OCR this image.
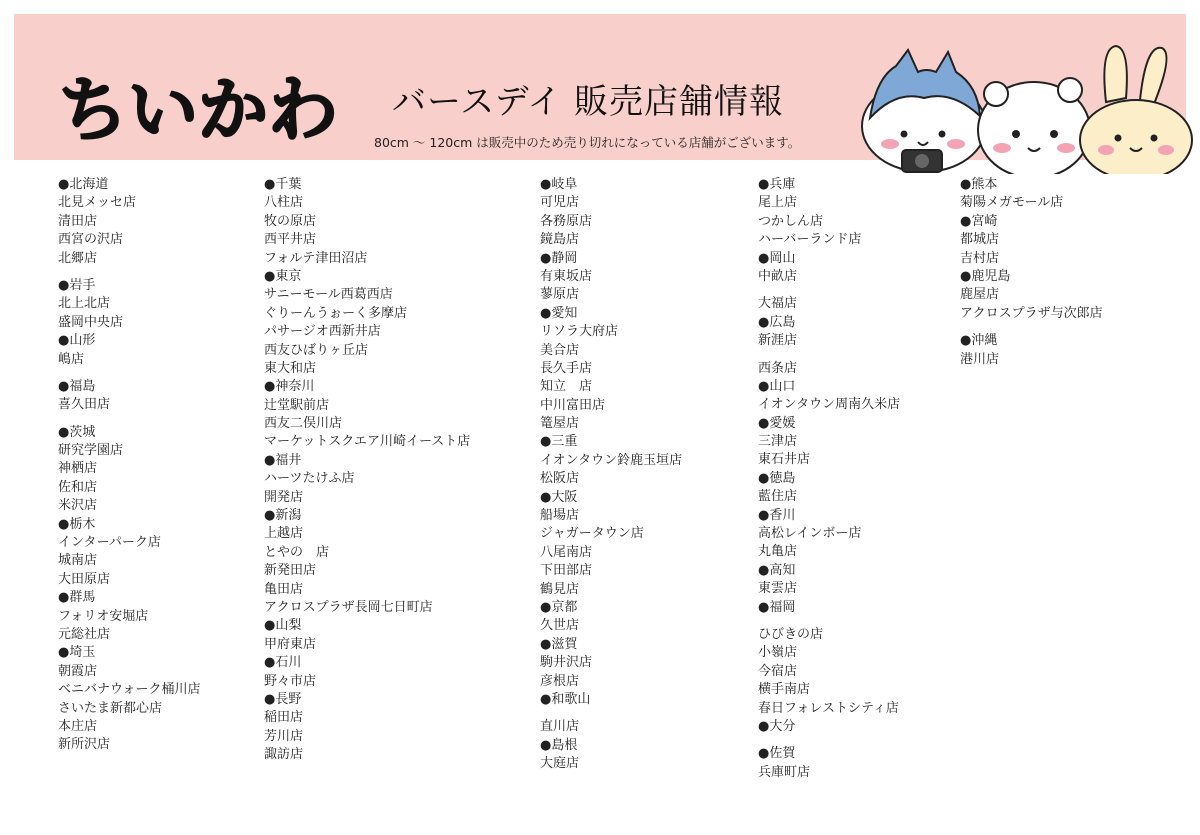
ちいかわ バースデイ 販売店舗情報
80cm ～ 120cm は販売中のため売り切れになっている店舗がございます。
●北海道
北見メッセ店
清田店
西宮の沢店
北郷店
●岩手
北上北店
盛岡中央店
●山形
嶋店
●福島
喜久田店
●茨城
研究学園店
神栖店
佐和店
米沢店
●栃木
インターパーク店
城南店
大田原店
●群馬
フォリオ安堀店
元総社店
●埼玉
朝霞店
ベニバナウォーク桶川店
さいたま新都心店
本庄店
新所沢店
●千葉
八柱店
牧の原店
西平井店
フォルテ津田沼店
●東京
サニーモール西葛西店
ぐりーんうぉーく多摩店
パサージオ西新井店
西友ひばりヶ丘店
東大和店
●神奈川
辻堂駅前店
西友二俣川店
マーケットスクエア川崎イースト店
●福井
ハーツたけふ店
開発店
●新潟
上越店
とやの　店
新発田店
亀田店
アクロスプラザ長岡七日町店
●山梨
甲府東店
●石川
野々市店
●長野
稲田店
芳川店
諏訪店
●岐阜
可児店
各務原店
鏡島店
●静岡
有東坂店
蓼原店
●愛知
リソラ大府店
美合店
長久手店
知立　店
中川富田店
篭屋店
●三重
イオンタウン鈴鹿玉垣店
松阪店
●大阪
船場店
ジャガータウン店
八尾南店
下田部店
鶴見店
●京都
久世店
●滋賀
駒井沢店
彦根店
●和歌山
直川店
●島根
大庭店
●兵庫
尾上店
つかしん店
ハーバーランド店
●岡山
中畝店
大福店
●広島
新涯店
西条店
●山口
イオンタウン周南久米店
●愛媛
三津店
東石井店
●徳島
藍住店
●香川
高松レインボー店
丸亀店
●高知
東雲店
●福岡
ひびきの店
小嶺店
今宿店
横手南店
春日フォレストシティ店
●大分
●佐賀
兵庫町店
●熊本
菊陽メガモール店
●宮崎
都城店
吉村店
●鹿児島
鹿屋店
アクロスプラザ与次郎店
●沖縄
港川店
